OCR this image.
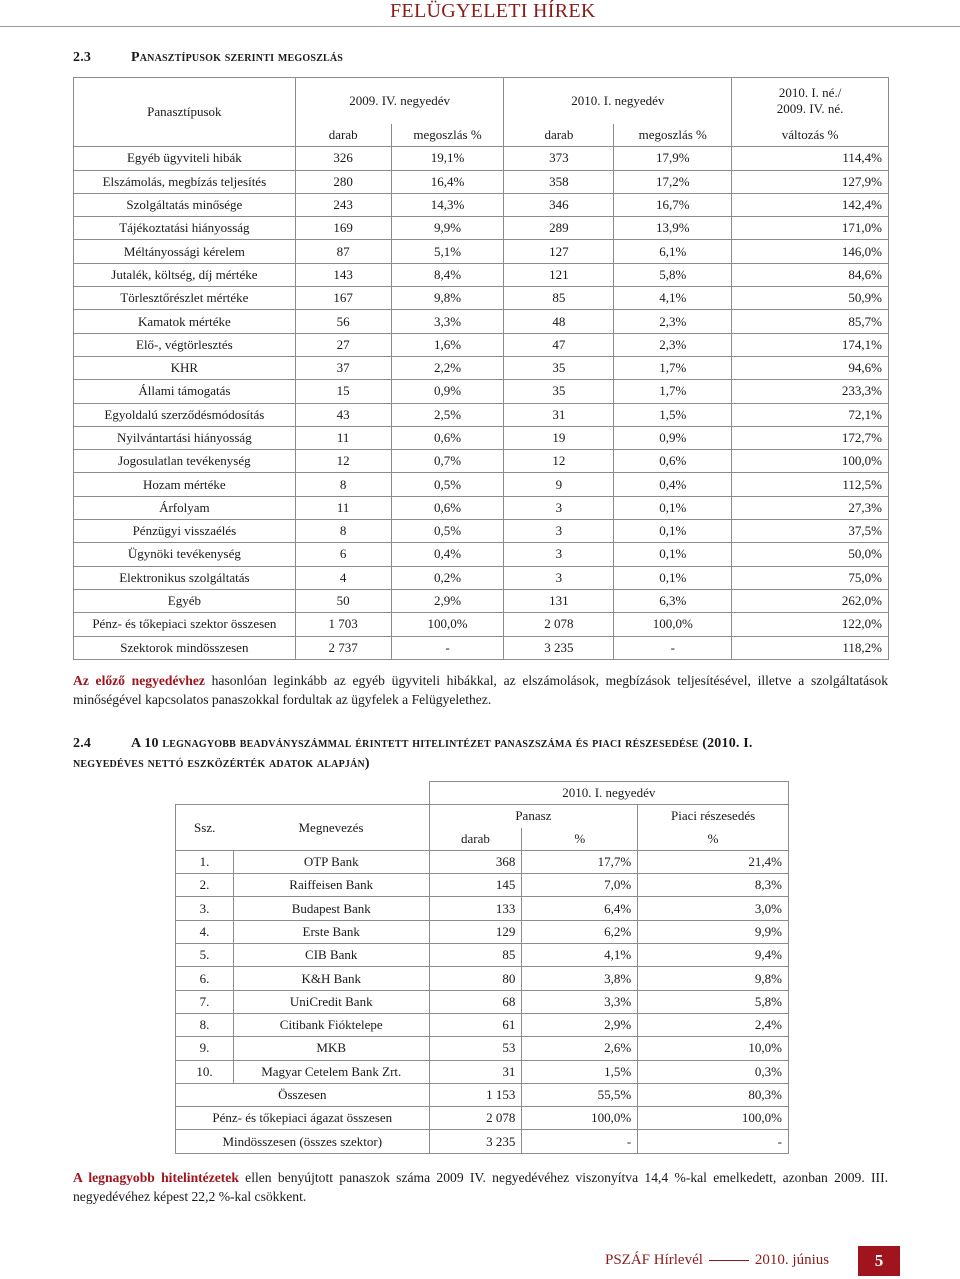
FELÜGYELETI HÍREK
2.3	Panasztípusok szerinti megoszlás
Panasztípusok	2009. IV. negyedév		2010. I. negyedév		2010. I. né./
2009. IV. né.

	darab	megoszlás %	darab	megoszlás %	változás %
Egyéb ügyviteli hibák	326	19,1%	373	17,9%	114,4%
Elszámolás, megbízás teljesítés	280	16,4%	358	17,2%	127,9%
Szolgáltatás minősége	243	14,3%	346	16,7%	142,4%
Tájékoztatási hiányosság	169	9,9%	289	13,9%	171,0%
Méltányossági kérelem	87	5,1%	127	6,1%	146,0%
Jutalék, költség, díj mértéke	143	8,4%	121	5,8%	84,6%
Törlesztőrészlet mértéke	167	9,8%	85	4,1%	50,9%
Kamatok mértéke	56	3,3%	48	2,3%	85,7%
Elő-, végtörlesztés	27	1,6%	47	2,3%	174,1%
KHR	37	2,2%	35	1,7%	94,6%
Állami támogatás	15	0,9%	35	1,7%	233,3%
Egyoldalú szerződésmódosítás	43	2,5%	31	1,5%	72,1%
Nyilvántartási hiányosság	11	0,6%	19	0,9%	172,7%
Jogosulatlan tevékenység	12	0,7%	12	0,6%	100,0%
Hozam mértéke	8	0,5%	9	0,4%	112,5%
Árfolyam	11	0,6%	3	0,1%	27,3%
Pénzügyi visszaélés	8	0,5%	3	0,1%	37,5%
Ügynöki tevékenység	6	0,4%	3	0,1%	50,0%
Elektronikus szolgáltatás	4	0,2%	3	0,1%	75,0%
Egyéb	50	2,9%	131	6,3%	262,0%
Pénz- és tőkepiaci szektor összesen	1 703	100,0%	2 078	100,0%	122,0%
Szektorok mindösszesen	2 737	-	3 235	-	118,2%
Az előző negyedévhez hasonlóan leginkább az egyéb ügyviteli hibákkal, az elszámolások, megbízások teljesítésével, illetve a szolgáltatások minőségével kapcsolatos panaszokkal fordultak az ügyfelek a Felügyelethez.
2.4	A 10 legnagyobb beadványszámmal érintett hitelintézet panaszszáma és piaci részesedése (2010. I.
negyedéves nettó eszközérték adatok alapján)
		2010. I. negyedév		
Ssz.	Megnevezés	Panasz		Piaci részesedés
		darab	%	%
1.	OTP Bank	368	17,7%	21,4%
2.	Raiffeisen Bank	145	7,0%	8,3%
3.	Budapest Bank	133	6,4%	3,0%
4.	Erste Bank	129	6,2%	9,9%
5.	CIB Bank	85	4,1%	9,4%
6.	K&H Bank	80	3,8%	9,8%
7.	UniCredit Bank	68	3,3%	5,8%
8.	Citibank Fióktelepe	61	2,9%	2,4%
9.	MKB	53	2,6%	10,0%
10.	Magyar Cetelem Bank Zrt.	31	1,5%	0,3%
Összesen		1 153	55,5%	80,3%
Pénz- és tőkepiaci ágazat összesen		2 078	100,0%	100,0%
Mindösszesen (összes szektor)		3 235	-	-
A legnagyobb hitelintézetek ellen benyújtott panaszok száma 2009 IV. negyedévéhez viszonyítva 14,4 %-kal emelkedett, azonban 2009. III. negyedévéhez képest 22,2 %-kal csökkent.
PSZÁF Hírlevél	2010. június	5
